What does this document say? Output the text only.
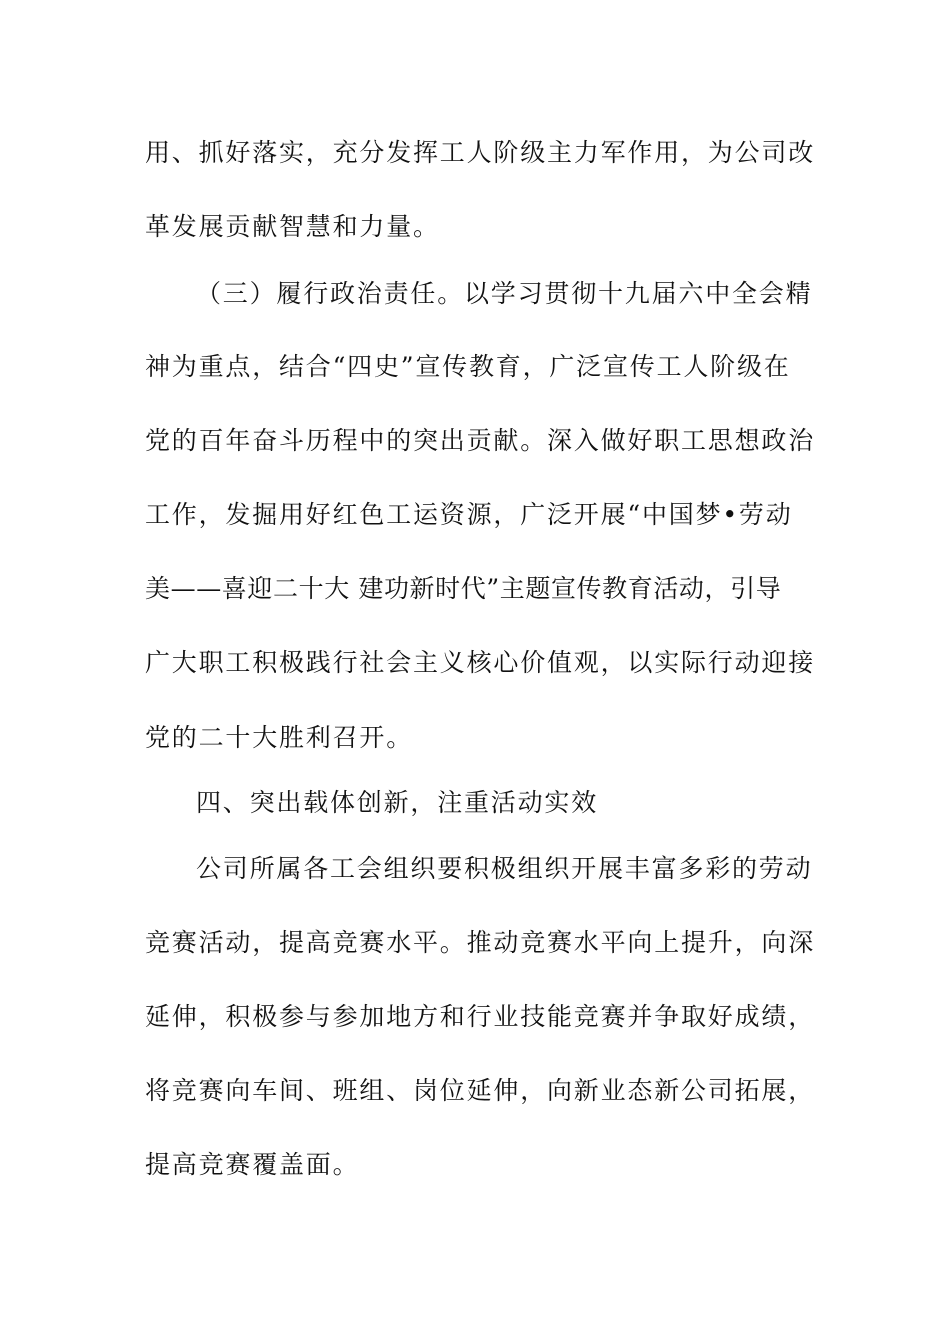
用、抓好落实，充分发挥工人阶级主力军作用，为公司改
革发展贡献智慧和力量。
（三）履行政治责任。以学习贯彻十九届六中全会精
神为重点，结合“四史”宣传教育，广泛宣传工人阶级在
党的百年奋斗历程中的突出贡献。深入做好职工思想政治
工作，发掘用好红色工运资源，广泛开展“中国梦•劳动
美——喜迎二十大 建功新时代”主题宣传教育活动，引导
广大职工积极践行社会主义核心价值观，以实际行动迎接
党的二十大胜利召开。
四、突出载体创新，注重活动实效
公司所属各工会组织要积极组织开展丰富多彩的劳动
竞赛活动，提高竞赛水平。推动竞赛水平向上提升，向深
延伸，积极参与参加地方和行业技能竞赛并争取好成绩，
将竞赛向车间、班组、岗位延伸，向新业态新公司拓展，
提高竞赛覆盖面。
